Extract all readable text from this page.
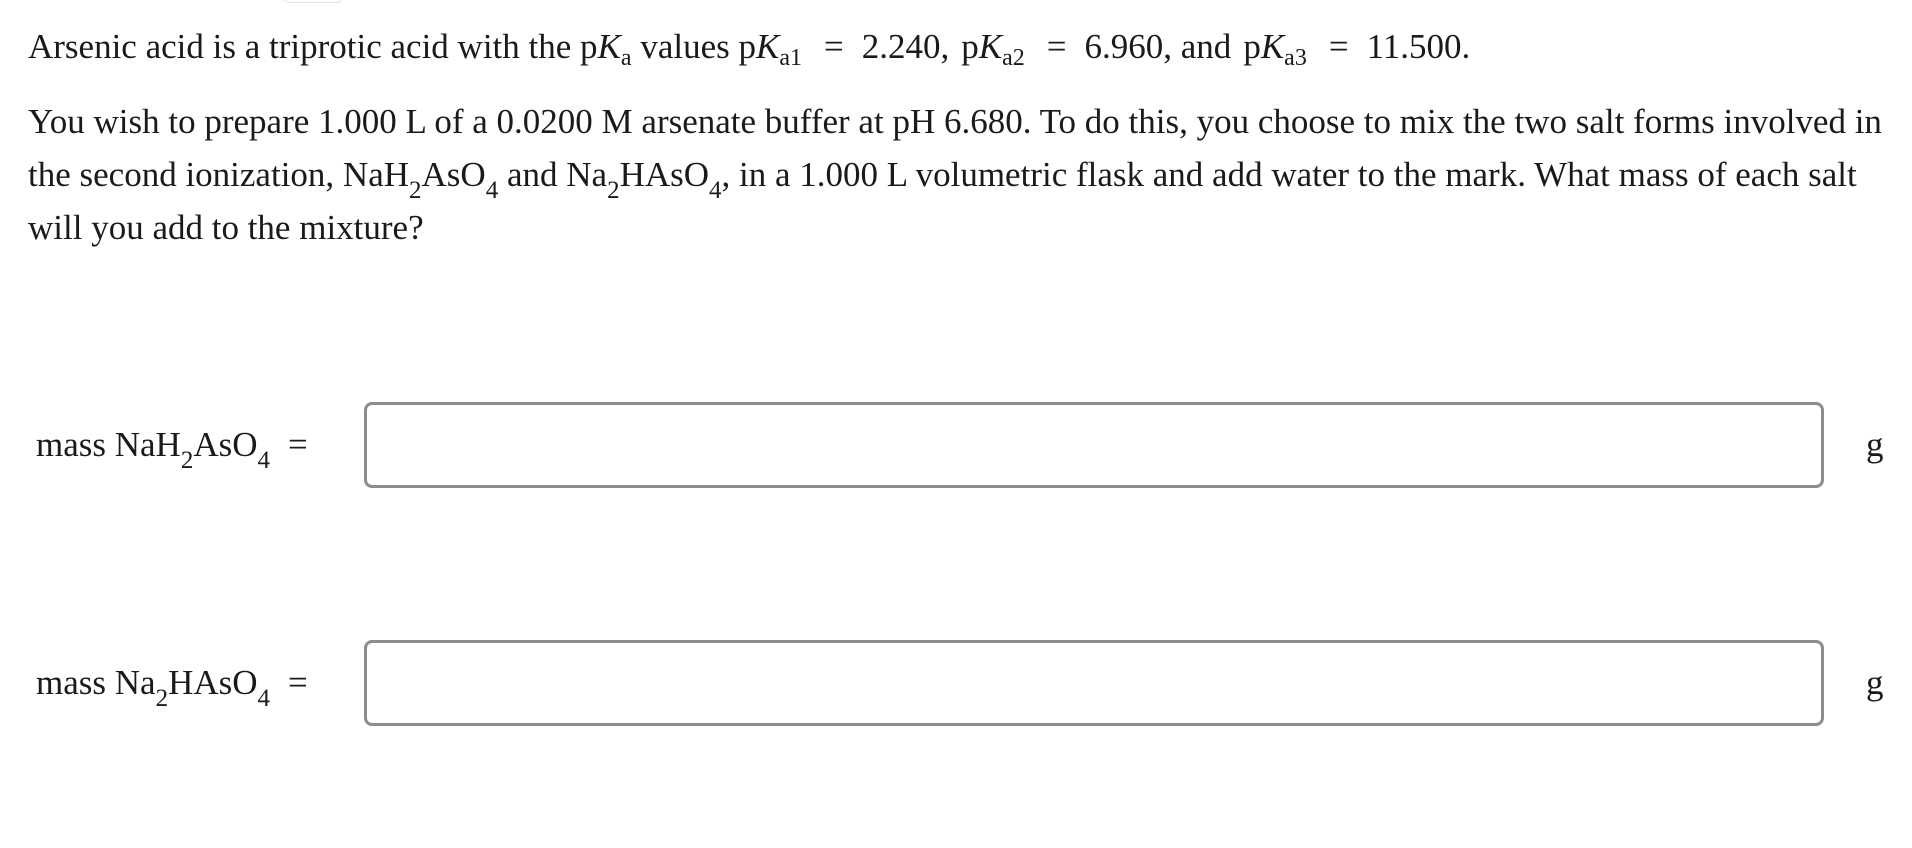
Arsenic acid is a triprotic acid with the $pK_a$ values $pK_{a1} = 2.240$, $pK_{a2} = 6.960$, and $pK_{a3} = 11.500$.

You wish to prepare 1.000 L of a 0.0200 M arsenate buffer at pH 6.680. To do this, you choose to mix the two salt forms involved in the second ionization, NaH$_2$AsO$_4$ and $Na_2HAsO_4$, in a 1.000 L volumetric flask and add water to the mark. What mass of each salt will you add to the mixture?

mass NaH$_2$AsO$_4$ =	g
mass $Na_2HAsO_4$ =	g
